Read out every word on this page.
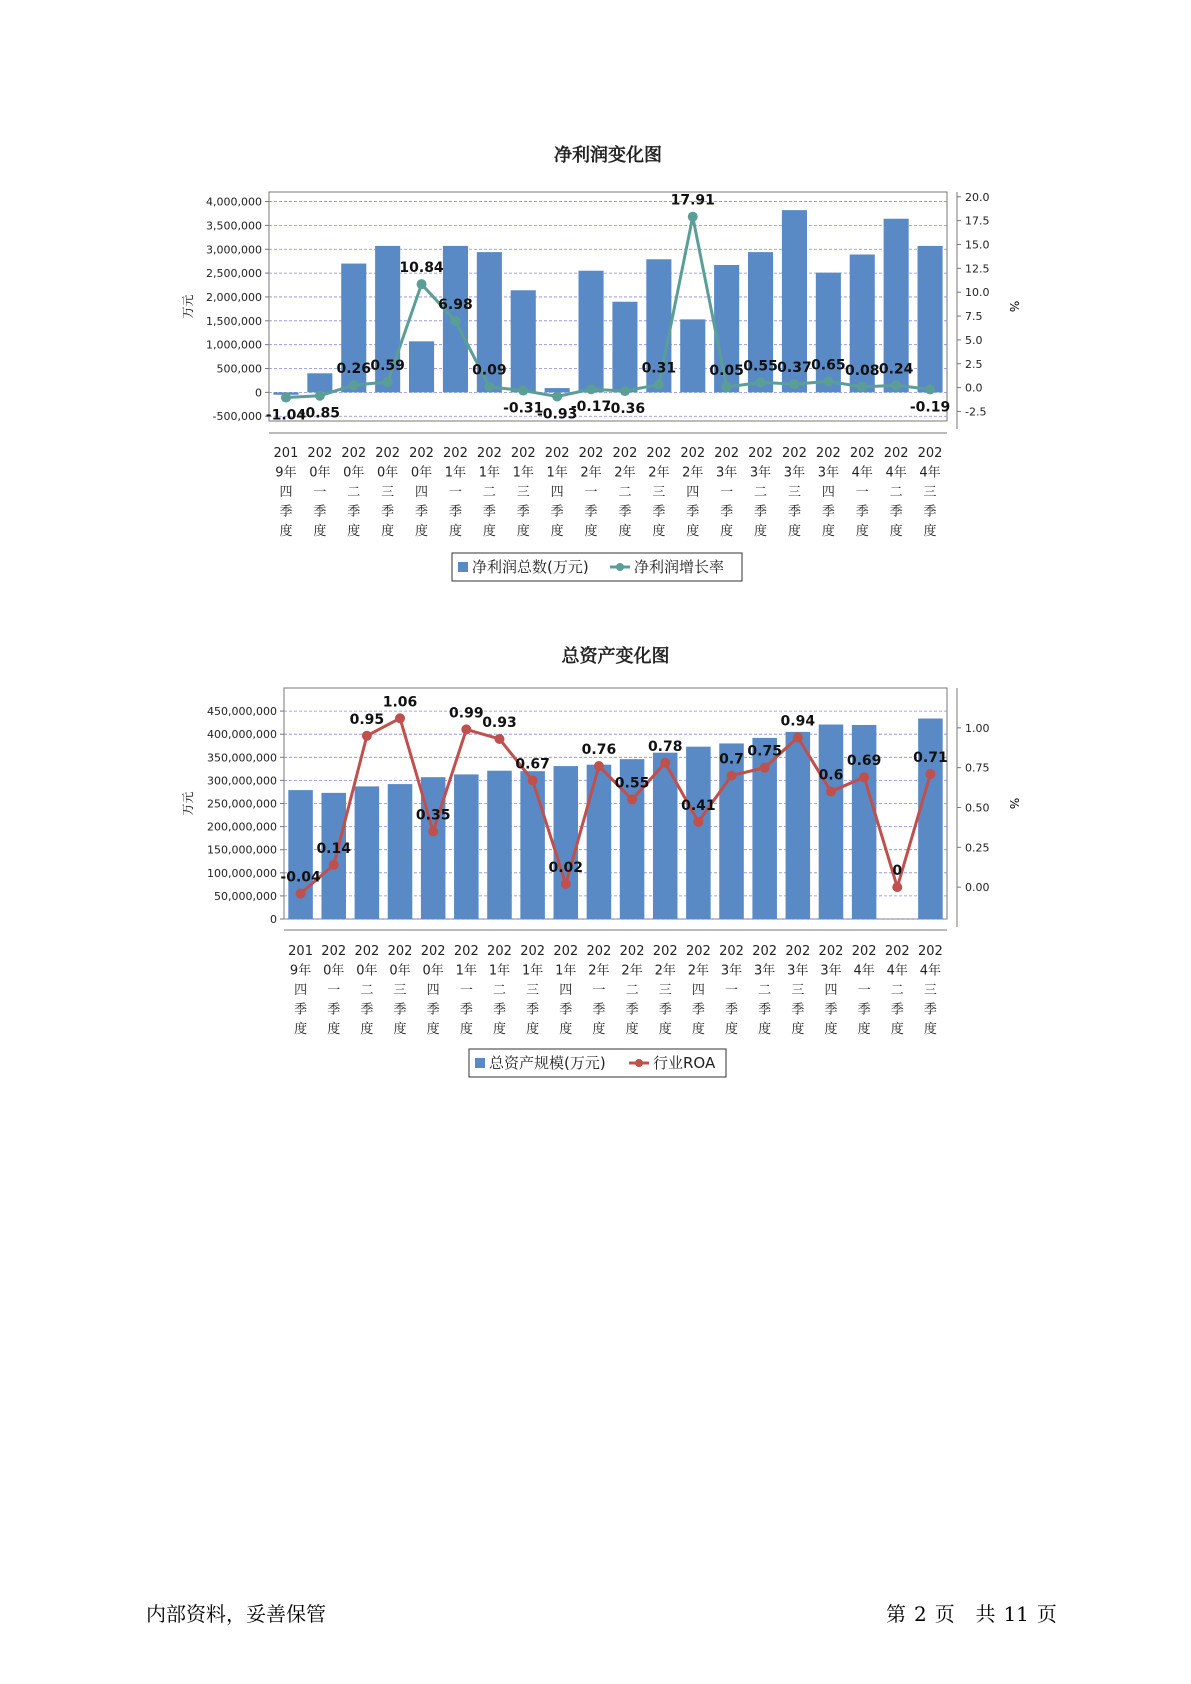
净利润变化图
-500,000
0
500,000
1,000,000
1,500,000
2,000,000
2,500,000
3,000,000
3,500,000
4,000,000
-2.5
0.0
2.5
5.0
7.5
10.0
12.5
15.0
17.5
20.0
万元	%
201
9年
四
季
度
202
0年
一
季
度
202
0年
二
季
度
202
0年
三
季
度
202
0年
四
季
度
202
1年
一
季
度
202
1年
二
季
度
202
1年
三
季
度
202
1年
四
季
度
202
2年
一
季
度
202
2年
二
季
度
202
2年
三
季
度
202
2年
四
季
度
202
3年
一
季
度
202
3年
二
季
度
202
3年
三
季
度
202
3年
四
季
度
202
4年
一
季
度
202
4年
二
季
度
202
4年
三
季
度
-1.04
-0.85
0.26 0.59
10.84
6.98
0.09
-0.31
-0.93
-0.17
-0.36
0.31
17.91
0.05 0.55 0.37 0.65 0.08 0.24
-0.19
净利润总数(万元)	净利润增长率
总资产变化图
0
50,000,000
100,000,000
150,000,000
200,000,000
250,000,000
300,000,000
350,000,000
400,000,000
450,000,000
0.00
0.25
0.50
0.75
1.00
万元	%
201
9年
四
季
度
202
0年
一
季
度
202
0年
二
季
度
202
0年
三
季
度
202
0年
四
季
度
202
1年
一
季
度
202
1年
二
季
度
202
1年
三
季
度
202
1年
四
季
度
202
2年
一
季
度
202
2年
二
季
度
202
2年
三
季
度
202
2年
四
季
度
202
3年
一
季
度
202
3年
二
季
度
202
3年
三
季
度
202
3年
四
季
度
202
4年
一
季
度
202
4年
二
季
度
202
4年
三
季
度
-0.04
0.14
0.95
1.06
0.35
0.99
0.93
0.67
0.02
0.76
0.55
0.78
0.41
0.7 0.75
0.94
0.6
0.69
0
0.71
总资产规模(万元)	行业ROA
内部资料，妥善保管	第 2 页 共 11 页
